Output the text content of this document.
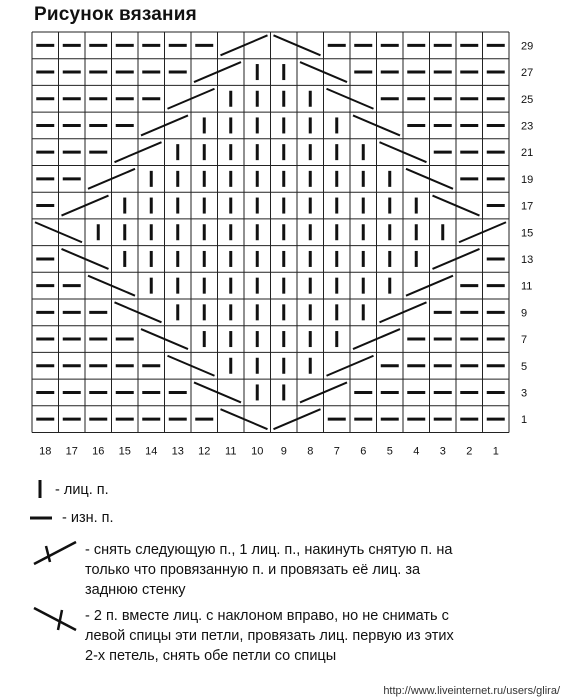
Рисунок вязания
29
27
25
23
21
19
17
15
13
11
9
7
5
3
1
18 17 16 15 14 13 12 11 10 9 8 7 6 5 4 3 2 1
- лиц. п.
- изн. п.
- снять следующую п., 1 лиц. п., накинуть снятую п. на
только что провязанную п. и провязать её лиц. за
заднюю стенку
- 2 п. вместе лиц. с наклоном вправо, но не снимать с
левой спицы эти петли, провязать лиц. первую из этих
2-х петель, снять обе петли со спицы
http://www.liveinternet.ru/users/glira/
